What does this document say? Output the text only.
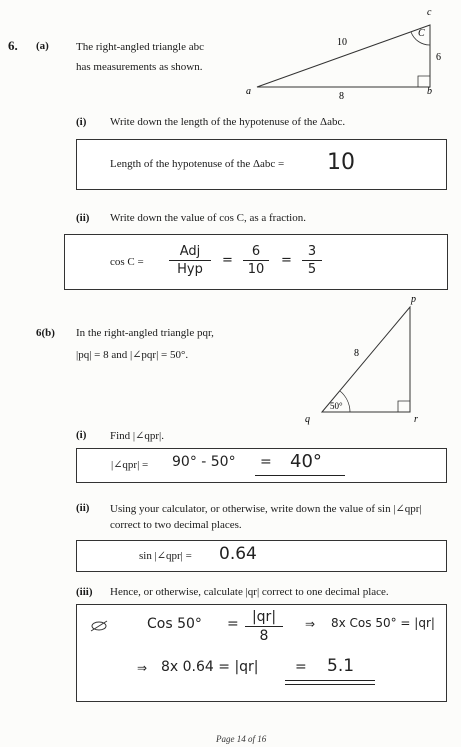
6. (a) The right-angled triangle abc
has measurements as shown.
C
10
6
8
a	b
c
(i) Write down the length of the hypotenuse of the Δabc.
Length of the hypotenuse of the Δabc = 10
(ii) Write down the value of cos C, as a fraction.
cos C =
Adj
Hyp
= $\frac{6}{10} = \frac{3}{5}$
6(b) In the right-angled triangle pqr,
|pq| = 8 and |∠pqr| = 50°.
50°
8
p
q	r
(i) Find |∠qpr|.
|∠qpr| = 90° - 50° = 40°
(ii) Using your calculator, or otherwise, write down the value of sin |∠qpr|
correct to two decimal places.
sin |∠qpr| = 0.64
(iii) Hence, or otherwise, calculate |qr| correct to one decimal place.
Cos $50^\circ = \frac{|qr|}{8}$ ⇒ 8x Cos 50° = |qr|
⇒ 8x 0.64 = |qr|	= 5.1
Page 14 of 16
